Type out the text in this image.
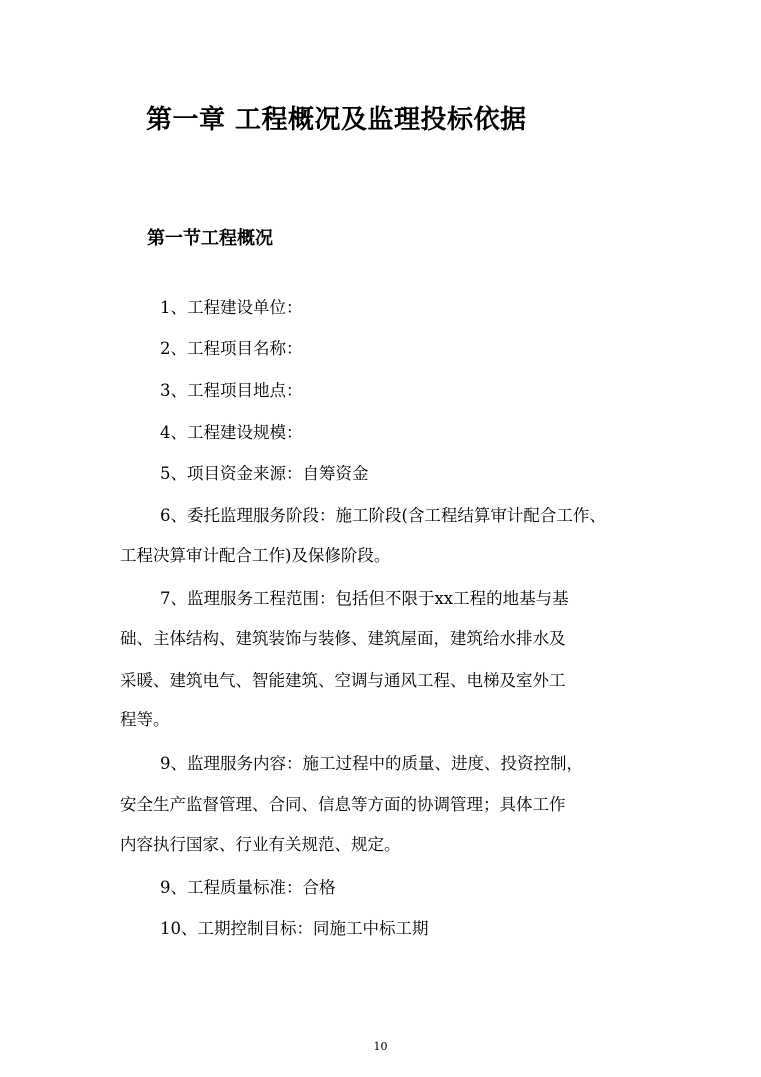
第一章 工程概况及监理投标依据
第一节工程概况
1、工程建设单位：
2、工程项目名称：
3、工程项目地点：
4、工程建设规模：
5、项目资金来源：自筹资金
6、委托监理服务阶段：施工阶段(含工程结算审计配合工作、
工程决算审计配合工作)及保修阶段。
7、监理服务工程范围：包括但不限于xx工程的地基与基
础、主体结构、建筑装饰与装修、建筑屋面，建筑给水排水及
采暖、建筑电气、智能建筑、空调与通风工程、电梯及室外工
程等。
9、监理服务内容：施工过程中的质量、进度、投资控制，
安全生产监督管理、合同、信息等方面的协调管理；具体工作
内容执行国家、行业有关规范、规定。
9、工程质量标准：合格
10、工期控制目标：同施工中标工期
10
